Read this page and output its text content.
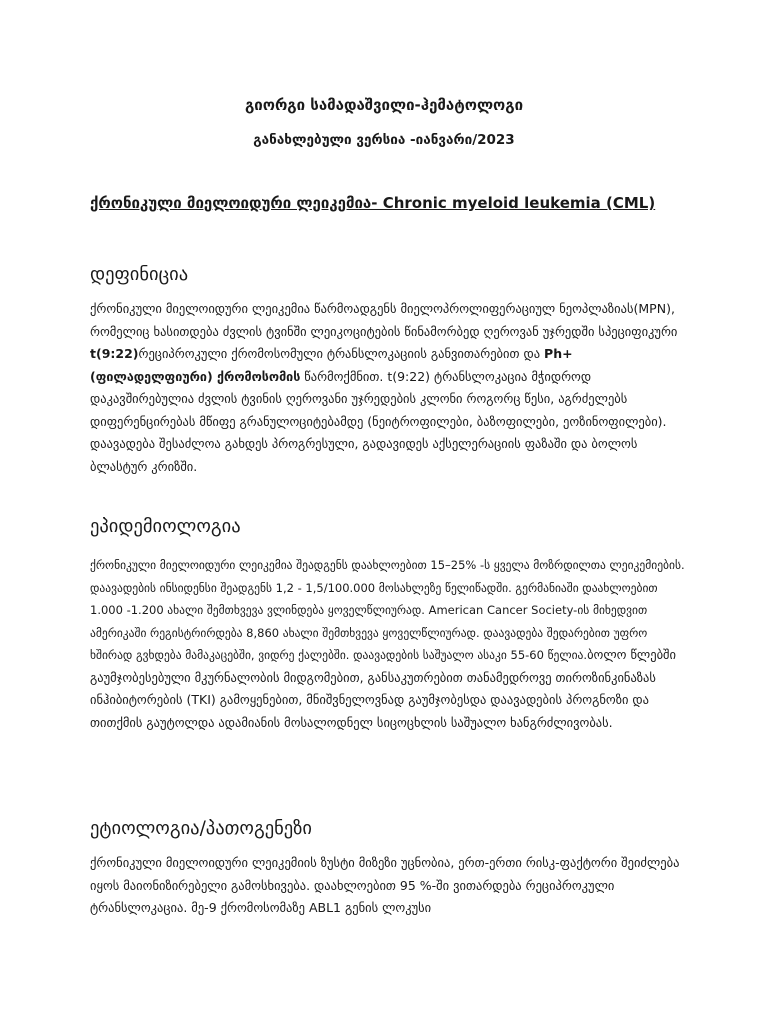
გიორგი სამადაშვილი-ჰემატოლოგი

განახლებული ვერსია -იანვარი/2023

ქრონიკული მიელოიდური ლეიკემია- Chronic myeloid leukemia (CML)

დეფინიცია

ქრონიკული მიელოიდური ლეიკემია წარმოადგენს მიელოპროლიფერაციულ ნეოპლაზიას(MPN), რომელიც ხასითდება ძვლის ტვინში ლეიკოციტების წინამორბედ ღეროვან უჯრედში სპეციფიკური t(9:22)რეციპროკული ქრომოსომული ტრანსლოკაციის განვითარებით და Ph+ (ფილადელფიური) ქრომოსომის წარმოქმნით. t(9:22) ტრანსლოკაცია მჭიდროდ დაკავშირებულია ძვლის ტვინის ღეროვანი უჯრედების კლონი როგორც წესი, აგრძელებს დიფერენცირებას მწიფე გრანულოციტებამდე (ნეიტროფილები, ბაზოფილები, ეოზინოფილები). დაავადება შესაძლოა გახდეს პროგრესული, გადავიდეს აქსელერაციის ფაზაში და ბოლოს ბლასტურ კრიზში.

ეპიდემიოლოგია

ქრონიკული მიელოიდური ლეიკემია შეადგენს დაახლოებით 15–25% -ს ყველა მოზრდილთა ლეიკემიების. დაავადების ინსიდენსი შეადგენს 1,2 - 1,5/100.000 მოსახლეზე წელიწადში. გერმანიაში დაახლოებით 1.000 -1.200 ახალი შემთხვევა ვლინდება ყოველწლიურად. American Cancer Society-ის მიხედვით ამერიკაში რეგისტრირდება 8,860 ახალი შემთხვევა ყოველწლიურად. დაავადება შედარებით უფრო ხშირად გვხდება მამაკაცებში, ვიდრე ქალებში. დაავადების საშუალო ასაკი 55-60 წელია.ბოლო წლებში გაუმჯობესებული მკურნალობის მიდგომებით, განსაკუთრებით თანამედროვე თიროზინკინაზას ინჰიბიტორების (TKI) გამოყენებით, მნიშვნელოვნად გაუმჯობესდა დაავადების პროგნოზი და თითქმის გაუტოლდა ადამიანის მოსალოდნელ სიცოცხლის საშუალო ხანგრძლივობას.

ეტიოლოგია/პათოგენეზი

ქრონიკული მიელოიდური ლეიკემიის ზუსტი მიზეზი უცნობია, ერთ-ერთი რისკ-ფაქტორი შეიძლება იყოს მაიონიზირებელი გამოსხივება. დაახლოებით 95 %-ში ვითარდება რეციპროკული ტრანსლოკაცია. მე-9 ქრომოსომაზე ABL1 გენის ლოკუსი
